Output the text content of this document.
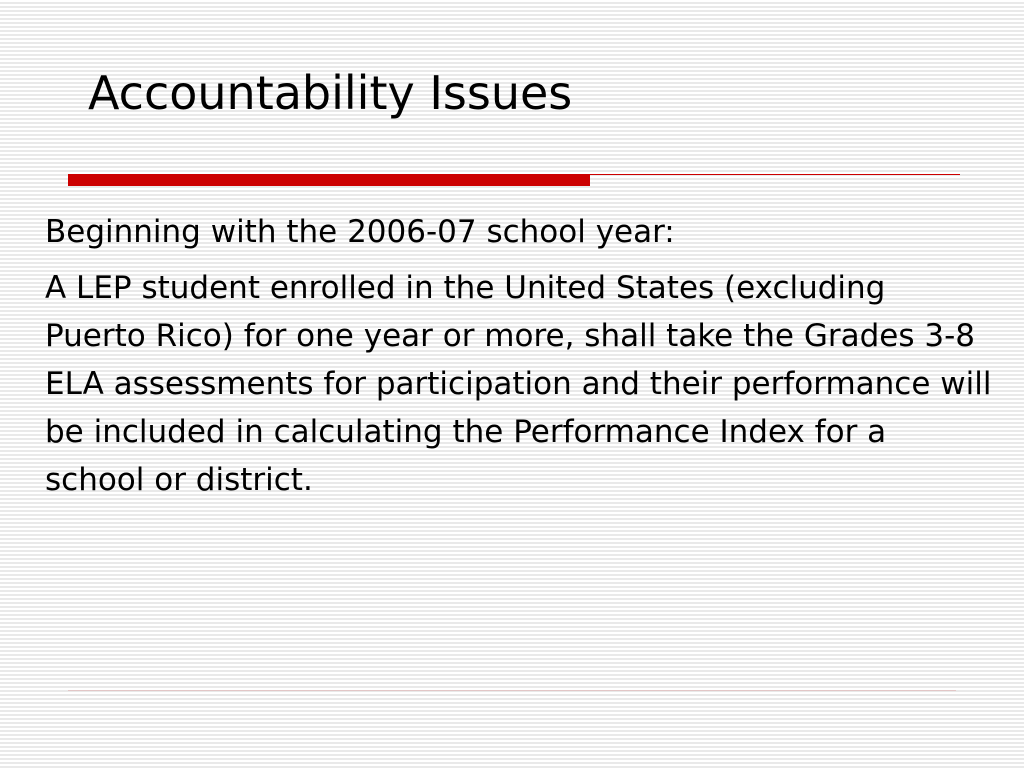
Accountability Issues

Beginning with the 2006-07 school year:

A LEP student enrolled in the United States (excluding Puerto Rico) for one year or more, shall take the Grades 3-8 ELA assessments for participation and their performance will be included in calculating the Performance Index for a school or district.
